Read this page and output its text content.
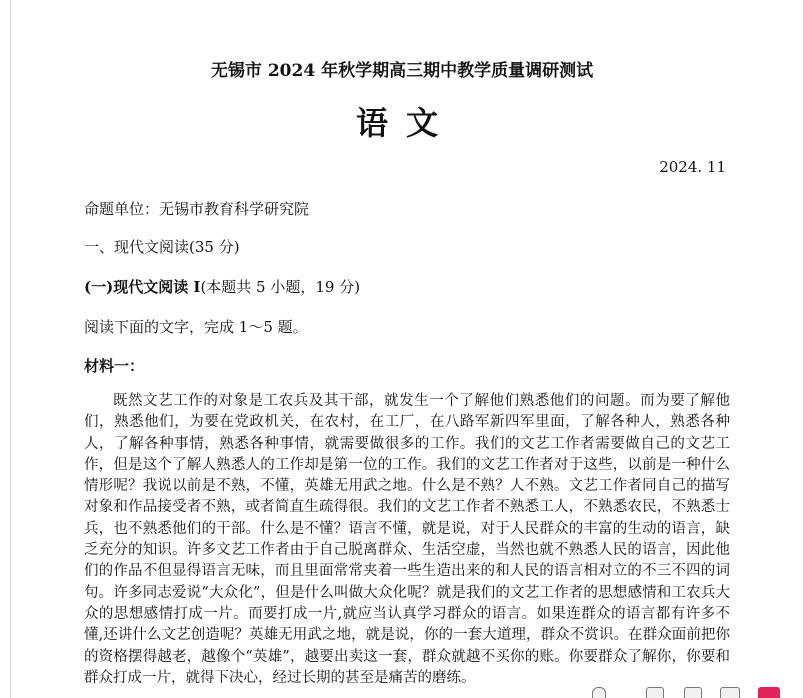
无锡市 2024 年秋学期高三期中教学质量调研测试
语文
2024. 11
命题单位：无锡市教育科学研究院
一、现代文阅读(35 分)
(一)现代文阅读 I(本题共 5 小题，19 分)
阅读下面的文字，完成 1～5 题。
材料一：
既然文艺工作的对象是工农兵及其干部，就发生一个了解他们熟悉他们的问题。而为要了解他们，熟悉他们，为要在党政机关，在农村，在工厂，在八路军新四军里面，了解各种人，熟悉各种人，了解各种事情，熟悉各种事情，就需要做很多的工作。我们的文艺工作者需要做自己的文艺工作，但是这个了解人熟悉人的工作却是第一位的工作。我们的文艺工作者对于这些，以前是一种什么情形呢？我说以前是不熟，不懂，英雄无用武之地。什么是不熟？人不熟。文艺工作者同自己的描写对象和作品接受者不熟，或者简直生疏得很。我们的文艺工作者不熟悉工人，不熟悉农民，不熟悉士兵，也不熟悉他们的干部。什么是不懂？语言不懂，就是说，对于人民群众的丰富的生动的语言，缺乏充分的知识。许多文艺工作者由于自己脱离群众、生活空虚，当然也就不熟悉人民的语言，因此他们的作品不但显得语言无味，而且里面常常夹着一些生造出来的和人民的语言相对立的不三不四的词句。许多同志爱说“大众化”，但是什么叫做大众化呢？就是我们的文艺工作者的思想感情和工农兵大众的思想感情打成一片。而要打成一片,就应当认真学习群众的语言。如果连群众的语言都有许多不懂,还讲什么文艺创造呢？英雄无用武之地，就是说，你的一套大道理，群众不赏识。在群众面前把你的资格摆得越老，越像个“英雄”，越要出卖这一套，群众就越不买你的账。你要群众了解你，你要和群众打成一片，就得下决心，经过长期的甚至是痛苦的磨练。
